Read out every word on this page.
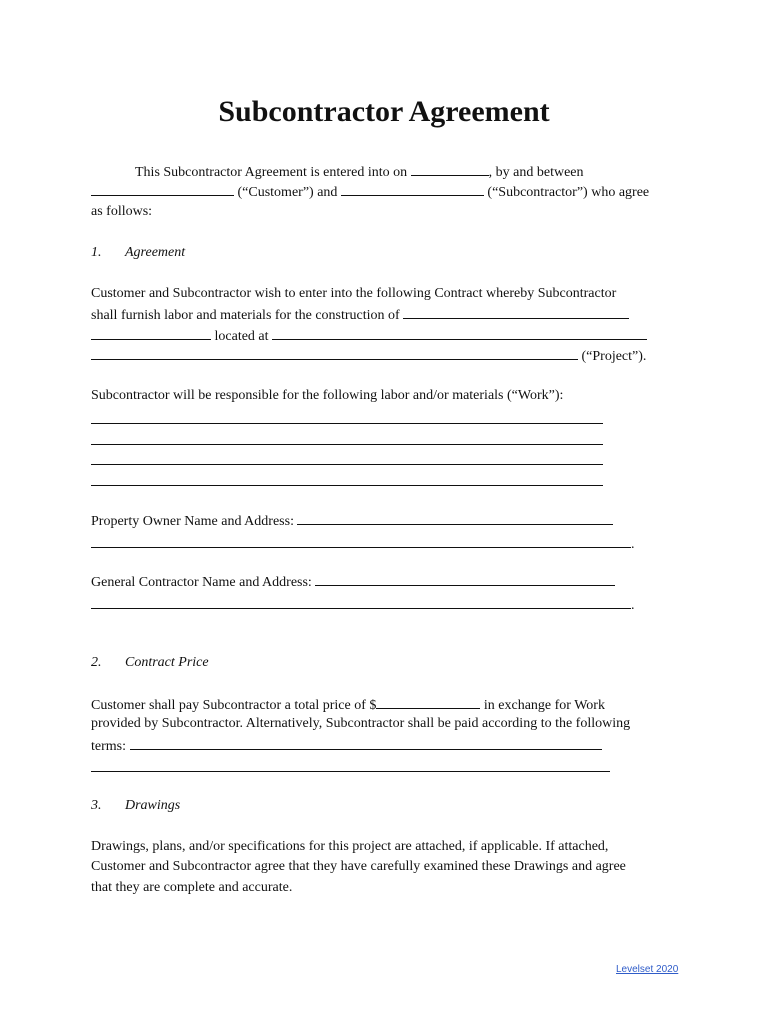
Subcontractor Agreement
This Subcontractor Agreement is entered into on	, by and between
(“Customer”) and	(“Subcontractor”) who agree
as follows:
1. Agreement
Customer and Subcontractor wish to enter into the following Contract whereby Subcontractor
shall furnish labor and materials for the construction of
located at
(“Project”).
Subcontractor will be responsible for the following labor and/or materials (“Work”):
Property Owner Name and Address:
.
General Contractor Name and Address:
.
2. Contract Price
Customer shall pay Subcontractor a total price of $	in exchange for Work
provided by Subcontractor. Alternatively, Subcontractor shall be paid according to the following
terms:
3. Drawings
Drawings, plans, and/or specifications for this project are attached, if applicable. If attached,
Customer and Subcontractor agree that they have carefully examined these Drawings and agree
that they are complete and accurate.
Levelset 2020
